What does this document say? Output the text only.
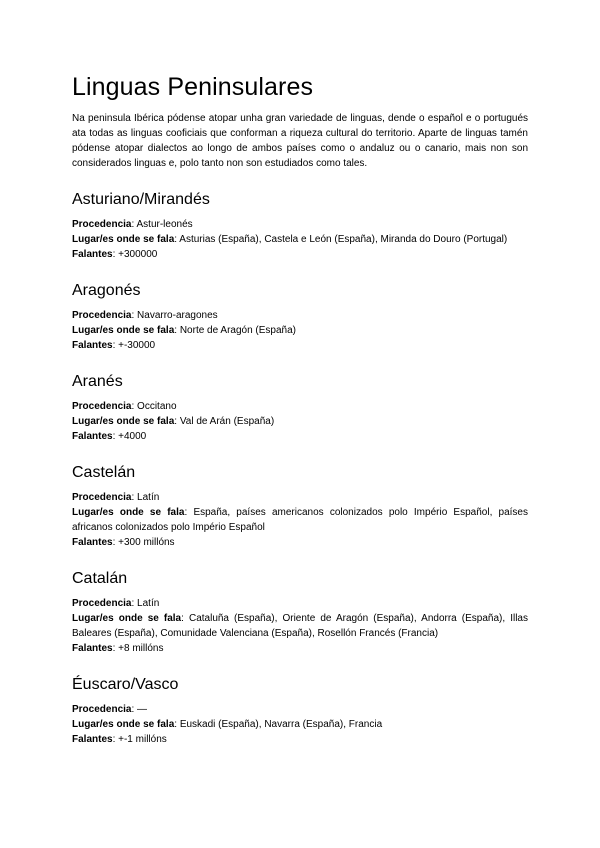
Linguas Peninsulares

Na peninsula Ibérica pódense atopar unha gran variedade de linguas, dende o español e o portugués ata todas as linguas cooficiais que conforman a riqueza cultural do territorio. Aparte de linguas tamén pódense atopar dialectos ao longo de ambos países como o andaluz ou o canario, mais non son considerados linguas e, polo tanto non son estudiados como tales.

Asturiano/Mirandés

Procedencia: Astur-leonés

Lugar/es onde se fala: Asturias (España), Castela e León (España), Miranda do Douro (Portugal)

Falantes: +300000

Aragonés

Procedencia: Navarro-aragones

Lugar/es onde se fala: Norte de Aragón (España)

Falantes: +-30000

Aranés

Procedencia: Occitano

Lugar/es onde se fala: Val de Arán (España)

Falantes: +4000

Castelán

Procedencia: Latín

Lugar/es onde se fala: España, países americanos colonizados polo Império Español, países africanos colonizados polo Império Español

Falantes: +300 millóns

Catalán

Procedencia: Latín

Lugar/es onde se fala: Cataluña (España), Oriente de Aragón (España), Andorra (España), Illas Baleares (España), Comunidade Valenciana (España), Rosellón Francés (Francia)

Falantes: +8 millóns

Éuscaro/Vasco

Procedencia: —

Lugar/es onde se fala: Euskadi (España), Navarra (España), Francia

Falantes: +-1 millóns
